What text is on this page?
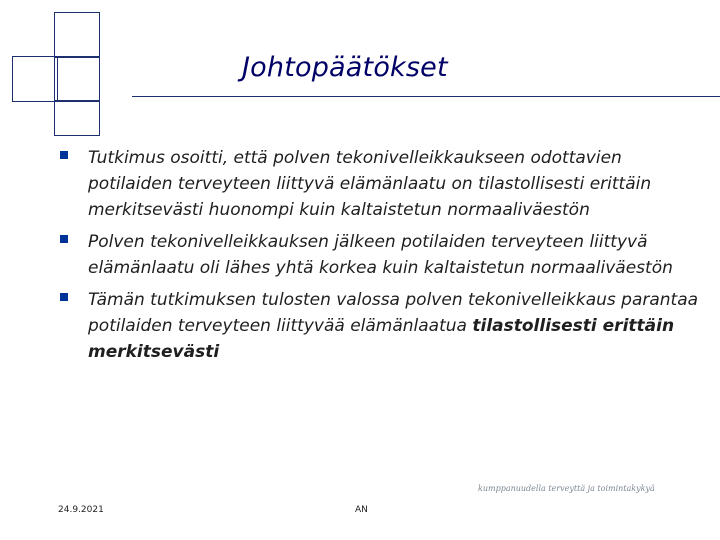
Johtopäätökset
Tutkimus osoitti, että polven tekonivelleikkaukseen odottavien potilaiden terveyteen liittyvä elämänlaatu on tilastollisesti erittäin merkitsevästi huonompi kuin kaltaistetun normaaliväestön
Polven tekonivelleikkauksen jälkeen potilaiden terveyteen liittyvä elämänlaatu oli lähes yhtä korkea kuin kaltaistetun normaaliväestön
Tämän tutkimuksen tulosten valossa polven tekonivelleikkaus parantaa potilaiden terveyteen liittyvää elämänlaatua tilastollisesti erittäin merkitsevästi
kumppanuudella terveyttä ja toimintakykyä
24.9.2021	AN
